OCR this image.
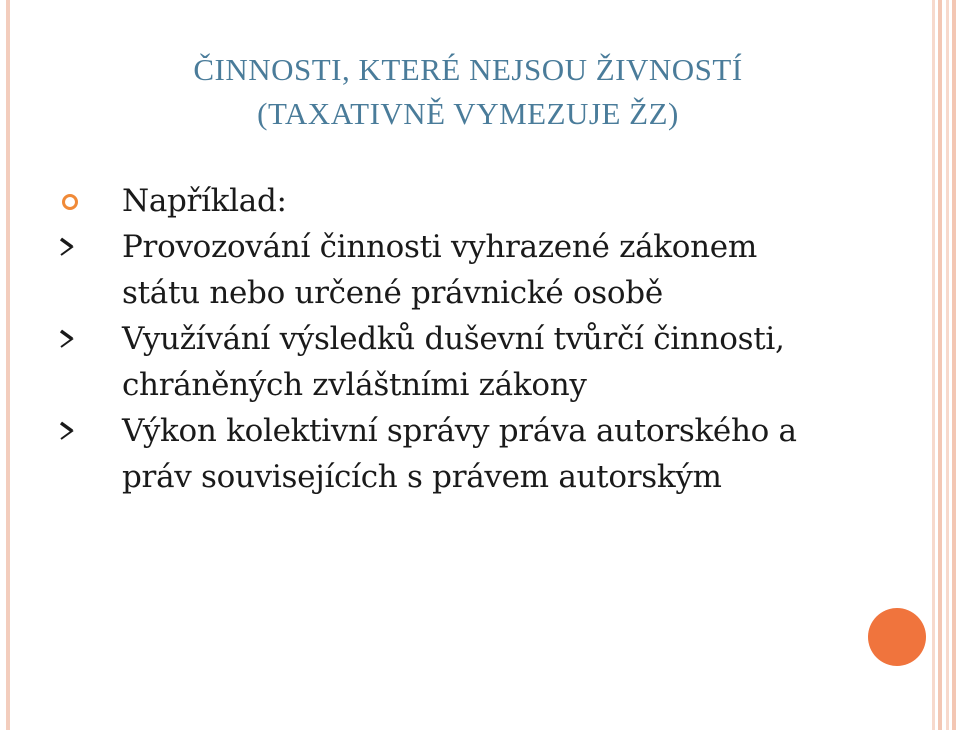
ČINNOSTI, KTERÉ NEJSOU ŽIVNOSTÍ
(TAXATIVNĚ VYMEZUJE ŽZ)
Například:
Provozování činnosti vyhrazené zákonem státu nebo určené právnické osobě
Využívání výsledků duševní tvůrčí činnosti, chráněných zvláštními zákony
Výkon kolektivní správy práva autorského a práv souvisejících s právem autorským
